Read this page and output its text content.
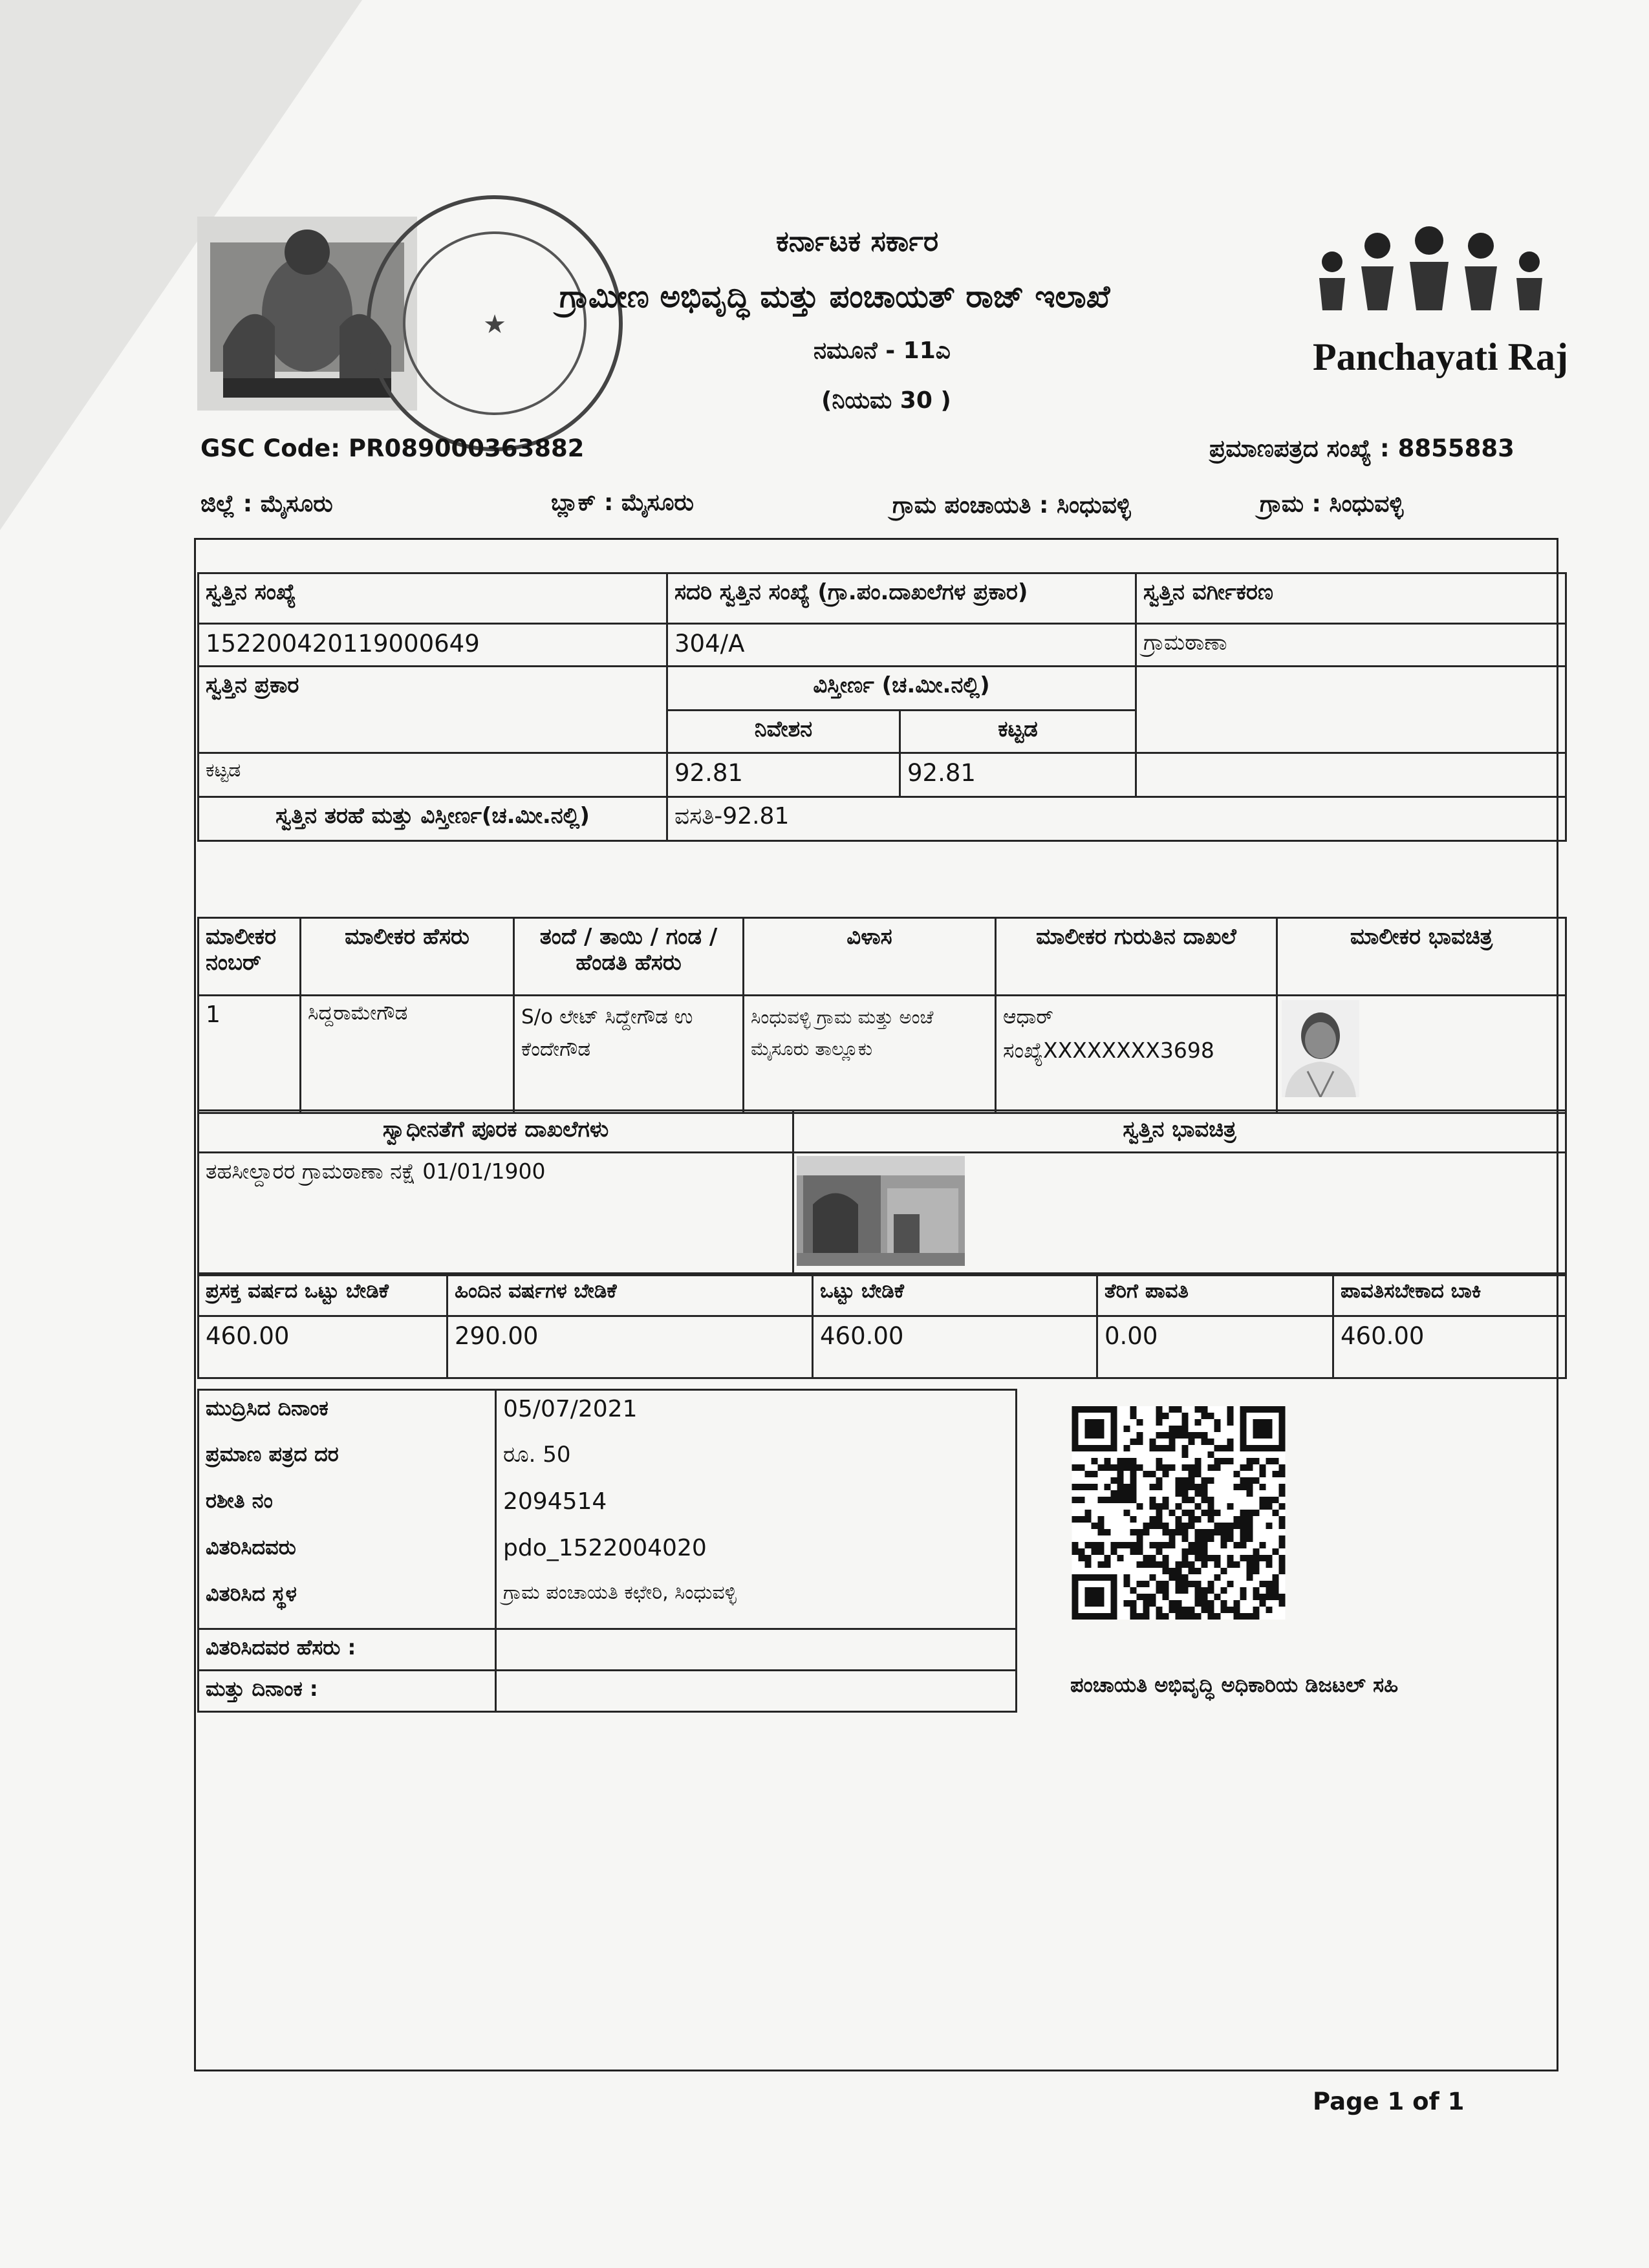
★
ಕರ್ನಾಟಕ ಸರ್ಕಾರ
ಗ್ರಾಮೀಣ ಅಭಿವೃದ್ಧಿ ಮತ್ತು ಪಂಚಾಯತ್ ರಾಜ್ ಇಲಾಖೆ
ನಮೂನೆ - 11ಎ
(ನಿಯಮ 30 )
Panchayati Raj
GSC Code: PR089000363882	ಪ್ರಮಾಣಪತ್ರದ ಸಂಖ್ಯೆ : 8855883
ಜಿಲ್ಲೆ : ಮೈಸೂರು	ಬ್ಲಾಕ್ : ಮೈಸೂರು	ಗ್ರಾಮ ಪಂಚಾಯತಿ : ಸಿಂಧುವಳ್ಳಿ	ಗ್ರಾಮ : ಸಿಂಧುವಳ್ಳಿ
ಸ್ವತ್ತಿನ ಸಂಖ್ಯೆ	ಸದರಿ ಸ್ವತ್ತಿನ ಸಂಖ್ಯೆ (ಗ್ರಾ.ಪಂ.ದಾಖಲೆಗಳ ಪ್ರಕಾರ)		ಸ್ವತ್ತಿನ ವರ್ಗೀಕರಣ
152200420119000649	304/A		ಗ್ರಾಮಠಾಣಾ
ಸ್ವತ್ತಿನ ಪ್ರಕಾರ	ವಿಸ್ತೀರ್ಣ (ಚ.ಮೀ.ನಲ್ಲಿ)		
	ನಿವೇಶನ	ಕಟ್ಟಡ	
ಕಟ್ಟಡ	92.81	92.81	
ಸ್ವತ್ತಿನ ತರಹೆ ಮತ್ತು ವಿಸ್ತೀರ್ಣ(ಚ.ಮೀ.ನಲ್ಲಿ)	ವಸತಿ-92.81		
ಮಾಲೀಕರ ನಂಬರ್	ಮಾಲೀಕರ ಹೆಸರು	ತಂದೆ / ತಾಯಿ / ಗಂಡ / ಹೆಂಡತಿ ಹೆಸರು	ವಿಳಾಸ	ಮಾಲೀಕರ ಗುರುತಿನ ದಾಖಲೆ	ಮಾಲೀಕರ ಭಾವಚಿತ್ರ
1	ಸಿದ್ದರಾಮೇಗೌಡ	S/o ಲೇಟ್ ಸಿದ್ದೇಗೌಡ ಉ ಕೆಂದೇಗೌಡ	ಸಿಂಧುವಳ್ಳಿ ಗ್ರಾಮ ಮತ್ತು ಅಂಚೆ ಮೈಸೂರು ತಾಲ್ಲೂಕು	ಆಧಾರ್
ಸಂಖ್ಯೆXXXXXXXX3698

ಸ್ವಾಧೀನತೆಗೆ ಪೂರಕ ದಾಖಲೆಗಳು	ಸ್ವತ್ತಿನ ಭಾವಚಿತ್ರ
ತಹಸೀಲ್ದಾರರ ಗ್ರಾಮಠಾಣಾ ನಕ್ಷೆ 01/01/1900	
ಪ್ರಸಕ್ತ ವರ್ಷದ ಒಟ್ಟು ಬೇಡಿಕೆ	ಹಿಂದಿನ ವರ್ಷಗಳ ಬೇಡಿಕೆ	ಒಟ್ಟು ಬೇಡಿಕೆ	ತೆರಿಗೆ ಪಾವತಿ	ಪಾವತಿಸಬೇಕಾದ ಬಾಕಿ
460.00	290.00	460.00	0.00	460.00
ಮುದ್ರಿಸಿದ ದಿನಾಂಕ	05/07/2021
ಪ್ರಮಾಣ ಪತ್ರದ ದರ	ರೂ. 50
ರಶೀತಿ ನಂ	2094514
ವಿತರಿಸಿದವರು	pdo_1522004020
ವಿತರಿಸಿದ ಸ್ಥಳ	ಗ್ರಾಮ ಪಂಚಾಯತಿ ಕಛೇರಿ, ಸಿಂಧುವಳ್ಳಿ
ವಿತರಿಸಿದವರ ಹೆಸರು :	
ಮತ್ತು ದಿನಾಂಕ :		ಪಂಚಾಯತಿ ಅಭಿವೃದ್ಧಿ ಅಧಿಕಾರಿಯ ಡಿಜಟಲ್ ಸಹಿ
Page 1 of 1
